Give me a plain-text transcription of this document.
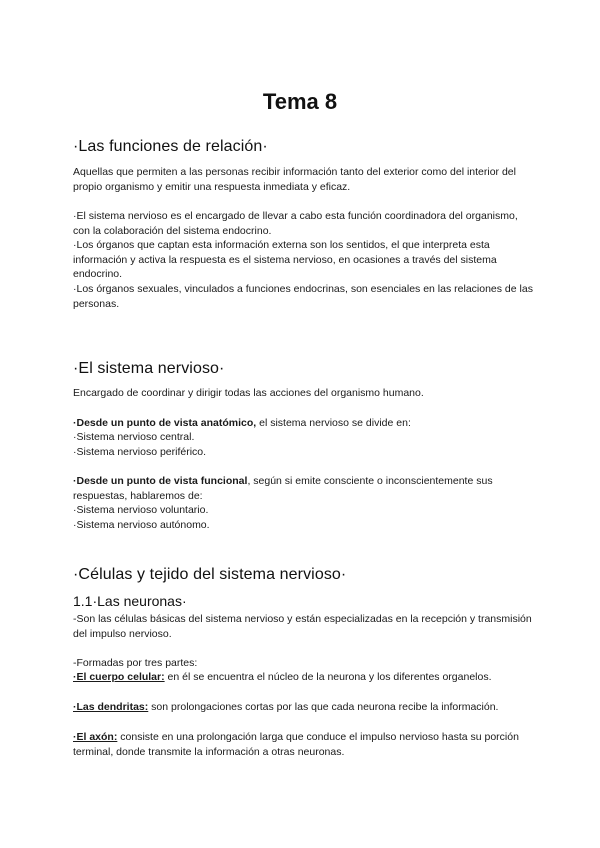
Tema 8
·Las funciones de relación·
Aquellas que permiten a las personas recibir información tanto del exterior como del interior del propio organismo y emitir una respuesta inmediata y eficaz.
·El sistema nervioso es el encargado de llevar a cabo esta función coordinadora del organismo, con la colaboración del sistema endocrino.
·Los órganos que captan esta información externa son los sentidos, el que interpreta esta información y activa la respuesta es el sistema nervioso, en ocasiones a través del sistema endocrino.
·Los órganos sexuales, vinculados a funciones endocrinas, son esenciales en las relaciones de las personas.
·El sistema nervioso·
Encargado de coordinar y dirigir todas las acciones del organismo humano.
·Desde un punto de vista anatómico, el sistema nervioso se divide en:
·Sistema nervioso central.
·Sistema nervioso periférico.
·Desde un punto de vista funcional, según si emite consciente o inconscientemente sus respuestas, hablaremos de:
·Sistema nervioso voluntario.
·Sistema nervioso autónomo.
·Células y tejido del sistema nervioso·
1.1·Las neuronas·
-Son las células básicas del sistema nervioso y están especializadas en la recepción y transmisión del impulso nervioso.
-Formadas por tres partes:
·El cuerpo celular: en él se encuentra el núcleo de la neurona y los diferentes organelos.
·Las dendritas: son prolongaciones cortas por las que cada neurona recibe la información.
·El axón: consiste en una prolongación larga que conduce el impulso nervioso hasta su porción terminal, donde transmite la información a otras neuronas.
